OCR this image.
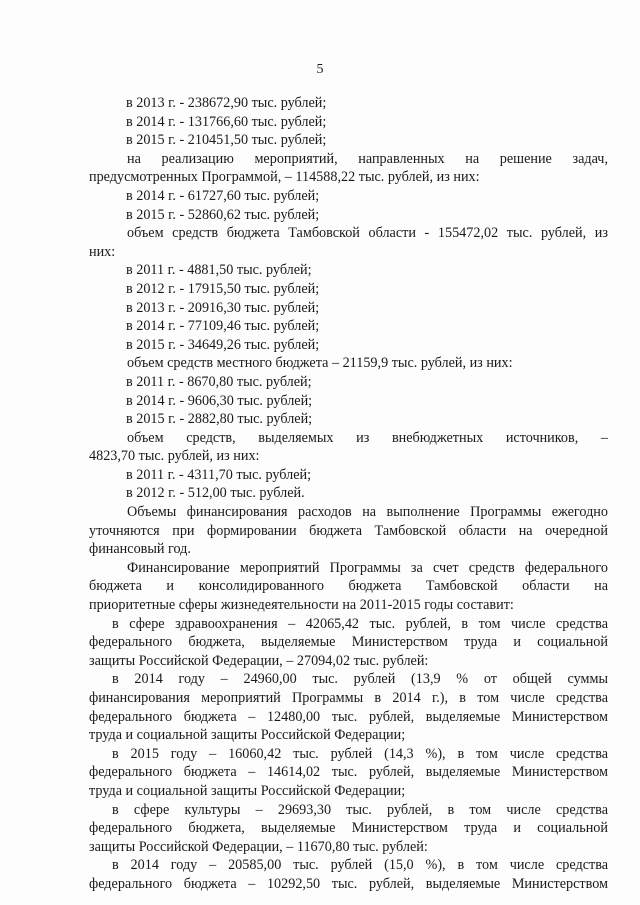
5
в 2013 г. - 238672,90 тыс. рублей;
в 2014 г. - 131766,60 тыс. рублей;
в 2015 г. - 210451,50 тыс. рублей;
на реализацию мероприятий, направленных на решение задач,
предусмотренных Программой, – 114588,22 тыс. рублей, из них:
в 2014 г. - 61727,60 тыс. рублей;
в 2015 г. - 52860,62 тыс. рублей;
объем средств бюджета Тамбовской области - 155472,02 тыс. рублей, из
них:
в 2011 г. - 4881,50 тыс. рублей;
в 2012 г. - 17915,50 тыс. рублей;
в 2013 г. - 20916,30 тыс. рублей;
в 2014 г. - 77109,46 тыс. рублей;
в 2015 г. - 34649,26 тыс. рублей;
объем средств местного бюджета – 21159,9 тыс. рублей, из них:
в 2011 г. - 8670,80 тыс. рублей;
в 2014 г. - 9606,30 тыс. рублей;
в 2015 г. - 2882,80 тыс. рублей;
объем средств, выделяемых из внебюджетных источников, –
4823,70 тыс. рублей, из них:
в 2011 г. - 4311,70 тыс. рублей;
в 2012 г. - 512,00 тыс. рублей.
Объемы финансирования расходов на выполнение Программы ежегодно
уточняются при формировании бюджета Тамбовской области на очередной
финансовый год.
Финансирование мероприятий Программы за счет средств федерального
бюджета и консолидированного бюджета Тамбовской области на
приоритетные сферы жизнедеятельности на 2011-2015 годы составит:
в сфере здравоохранения – 42065,42 тыс. рублей, в том числе средства
федерального бюджета, выделяемые Министерством труда и социальной
защиты Российской Федерации, – 27094,02 тыс. рублей:
в 2014 году – 24960,00 тыс. рублей (13,9 % от общей суммы
финансирования мероприятий Программы в 2014 г.), в том числе средства
федерального бюджета – 12480,00 тыс. рублей, выделяемые Министерством
труда и социальной защиты Российской Федерации;
в 2015 году – 16060,42 тыс. рублей (14,3 %), в том числе средства
федерального бюджета – 14614,02 тыс. рублей, выделяемые Министерством
труда и социальной защиты Российской Федерации;
в сфере культуры – 29693,30 тыс. рублей, в том числе средства
федерального бюджета, выделяемые Министерством труда и социальной
защиты Российской Федерации, – 11670,80 тыс. рублей:
в 2014 году – 20585,00 тыс. рублей (15,0 %), в том числе средства
федерального бюджета – 10292,50 тыс. рублей, выделяемые Министерством
